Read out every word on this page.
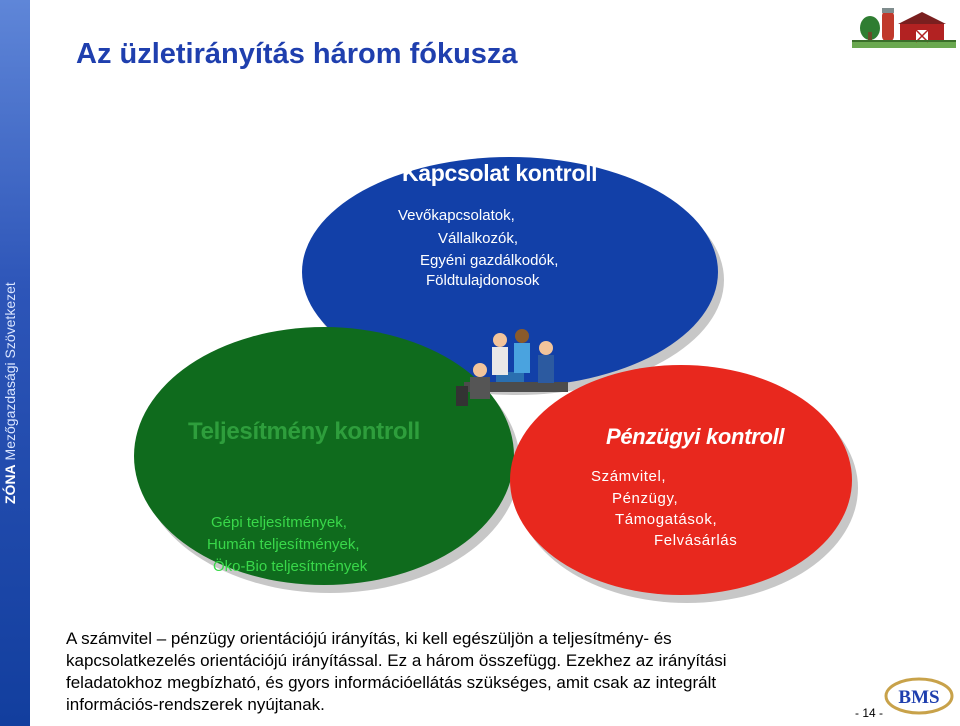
ZÓNA Mezőgazdasági Szövetkezet
Az üzletirányítás három fókusza
Kapcsolat kontroll
Vevőkapcsolatok,
Vállalkozók,
Egyéni gazdálkodók,
Földtulajdonosok
Teljesítmény kontroll
Gépi teljesítmények,
Humán teljesítmények,
Öko-Bio teljesítmények
Pénzügyi kontroll
Számvitel,
Pénzügy,
Támogatások,
Felvásárlás

A számvitel – pénzügy orientációjú irányítás, ki kell egészüljön a teljesítmény- és
kapcsolatkezelés orientációjú irányítással. Ez a három összefügg. Ezekhez az irányítási
feladatokhoz megbízható, és gyors információellátás szükséges, amit csak az integrált
információs-rendszerek nyújtanak.	BMS
- 14 -
